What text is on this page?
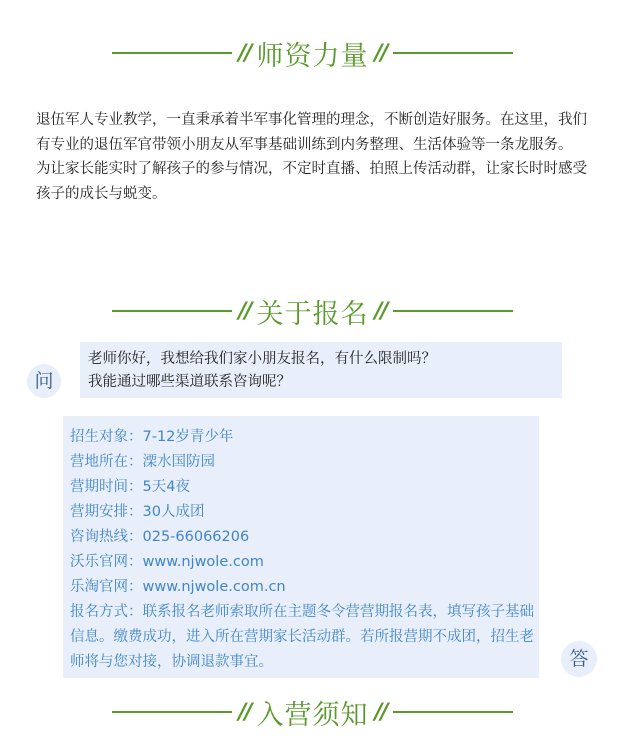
// 师资力量 //

退伍军人专业教学，一直秉承着半军事化管理的理念，不断创造好服务。在这里，我们有专业的退伍军官带领小朋友从军事基础训练到内务整理、生活体验等一条龙服务。

为让家长能实时了解孩子的参与情况，不定时直播、拍照上传活动群，让家长时时感受孩子的成长与蜕变。

// 关于报名 //
问
老师你好，我想给我们家小朋友报名，有什么限制吗？
我能通过哪些渠道联系咨询呢？
招生对象：7-12岁青少年
营地所在：溧水国防园
营期时间：5天4夜
营期安排：30人成团
咨询热线：025-66066206
沃乐官网：www.njwole.com
乐淘官网：www.njwole.com.cn
报名方式：联系报名老师索取所在主题冬令营营期报名表，填写孩子基础信息。缴费成功，进入所在营期家长活动群。若所报营期不成团，招生老师将与您对接，协调退款事宜。	答
// 入营须知 //
